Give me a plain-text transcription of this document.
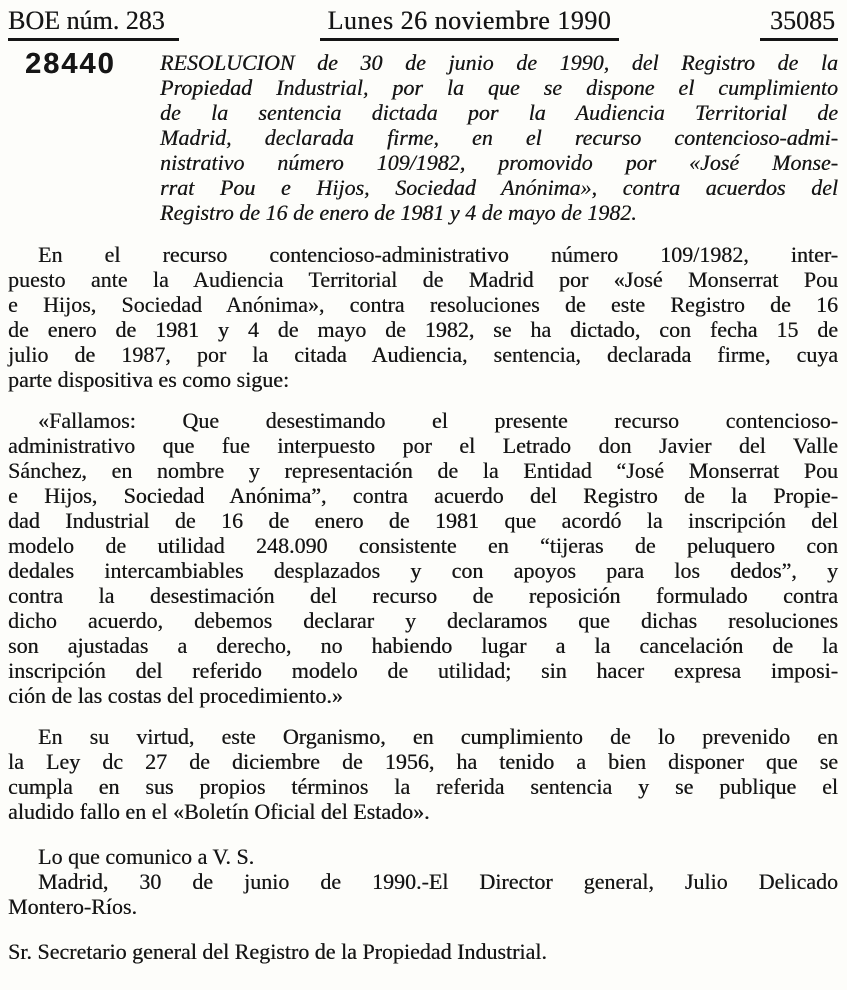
BOE núm. 283	Lunes 26 noviembre 1990	35085
28440	RESOLUCION de 30 de junio de 1990, del Registro de la
Propiedad Industrial, por la que se dispone el cumplimiento
de la sentencia dictada por la Audiencia Territorial de
Madrid, declarada firme, en el recurso contencioso-admi-
nistrativo número 109/1982, promovido por «José Monse-
rrat Pou e Hijos, Sociedad Anónima», contra acuerdos del
Registro de 16 de enero de 1981 y 4 de mayo de 1982.
En el recurso contencioso-administrativo número 109/1982, inter-
puesto ante la Audiencia Territorial de Madrid por «José Monserrat Pou
e Hijos, Sociedad Anónima», contra resoluciones de este Registro de 16
de enero de 1981 y 4 de mayo de 1982, se ha dictado, con fecha 15 de
julio de 1987, por la citada Audiencia, sentencia, declarada firme, cuya
parte dispositiva es como sigue:
«Fallamos: Que desestimando el presente recurso contencioso-
administrativo que fue interpuesto por el Letrado don Javier del Valle
Sánchez, en nombre y representación de la Entidad “José Monserrat Pou
e Hijos, Sociedad Anónima”, contra acuerdo del Registro de la Propie-
dad Industrial de 16 de enero de 1981 que acordó la inscripción del
modelo de utilidad 248.090 consistente en “tijeras de peluquero con
dedales intercambiables desplazados y con apoyos para los dedos”, y
contra la desestimación del recurso de reposición formulado contra
dicho acuerdo, debemos declarar y declaramos que dichas resoluciones
son ajustadas a derecho, no habiendo lugar a la cancelación de la
inscripción del referido modelo de utilidad; sin hacer expresa imposi-
ción de las costas del procedimiento.»
En su virtud, este Organismo, en cumplimiento de lo prevenido en
la Ley dc 27 de diciembre de 1956, ha tenido a bien disponer que se
cumpla en sus propios términos la referida sentencia y se publique el
aludido fallo en el «Boletín Oficial del Estado».
Lo que comunico a V. S.
Madrid, 30 de junio de 1990.-El Director general, Julio Delicado
Montero-Ríos.
Sr. Secretario general del Registro de la Propiedad Industrial.
